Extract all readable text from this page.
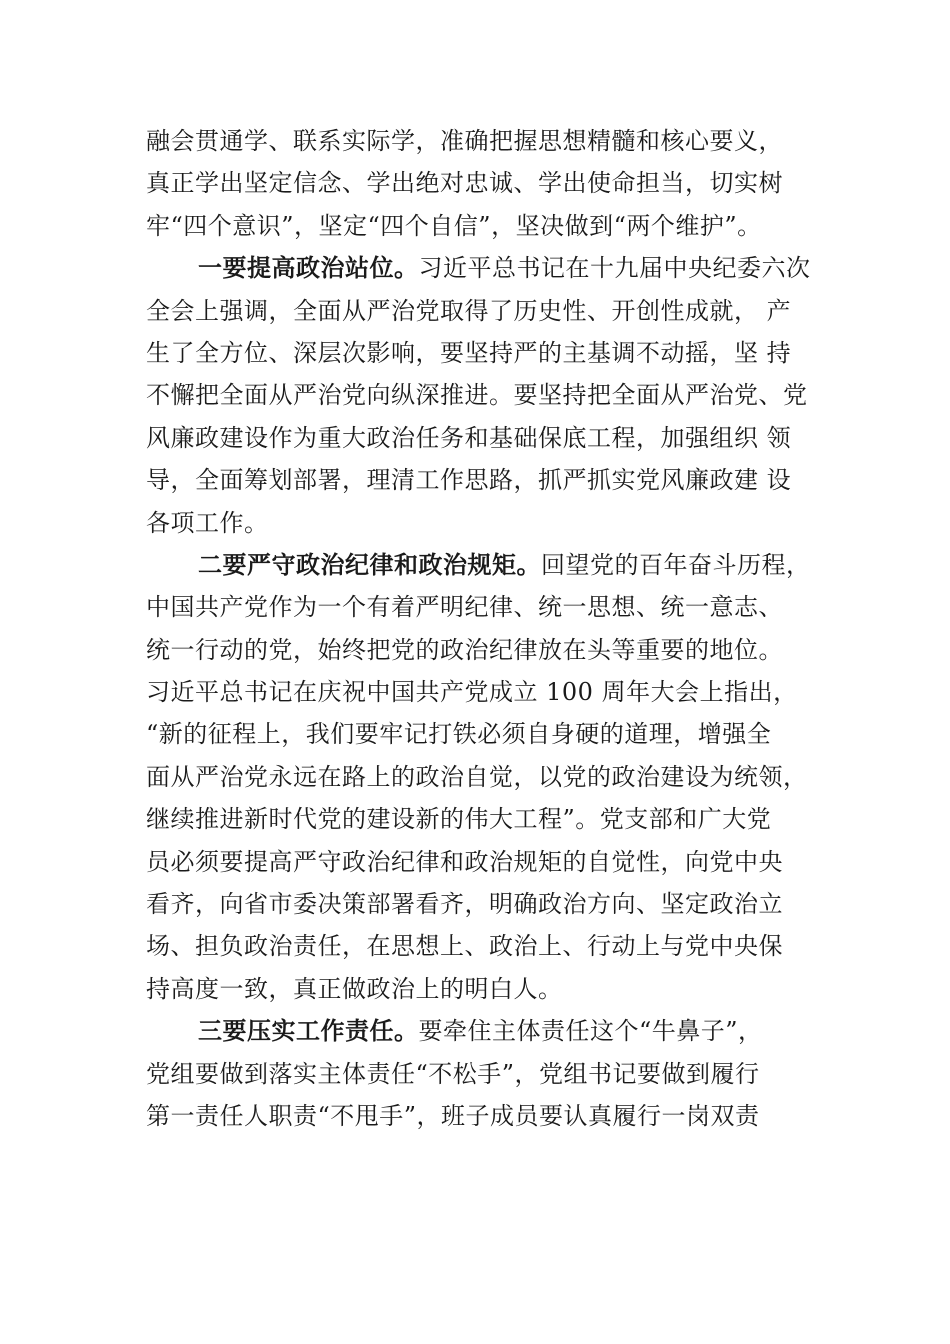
融会贯通学、联系实际学，准确把握思想精髓和核心要义，
真正学出坚定信念、学出绝对忠诚、学出使命担当，切实树
牢“四个意识”，坚定“四个自信”，坚决做到“两个维护”。
一要提高政治站位。习近平总书记在十九届中央纪委六次
全会上强调，全面从严治党取得了历史性、开创性成就， 产
生了全方位、深层次影响，要坚持严的主基调不动摇，坚 持
不懈把全面从严治党向纵深推进。要坚持把全面从严治党、党
风廉政建设作为重大政治任务和基础保底工程，加强组织 领
导，全面筹划部署，理清工作思路，抓严抓实党风廉政建 设
各项工作。
二要严守政治纪律和政治规矩。回望党的百年奋斗历程，
中国共产党作为一个有着严明纪律、统一思想、统一意志、
统一行动的党，始终把党的政治纪律放在头等重要的地位。
习近平总书记在庆祝中国共产党成立 100 周年大会上指出，
“新的征程上，我们要牢记打铁必须自身硬的道理，增强全
面从严治党永远在路上的政治自觉，以党的政治建设为统领，
继续推进新时代党的建设新的伟大工程”。党支部和广大党
员必须要提高严守政治纪律和政治规矩的自觉性，向党中央
看齐，向省市委决策部署看齐，明确政治方向、坚定政治立
场、担负政治责任，在思想上、政治上、行动上与党中央保
持高度一致，真正做政治上的明白人。
三要压实工作责任。要牵住主体责任这个“牛鼻子”，
党组要做到落实主体责任“不松手”，党组书记要做到履行
第一责任人职责“不甩手”，班子成员要认真履行一岗双责
